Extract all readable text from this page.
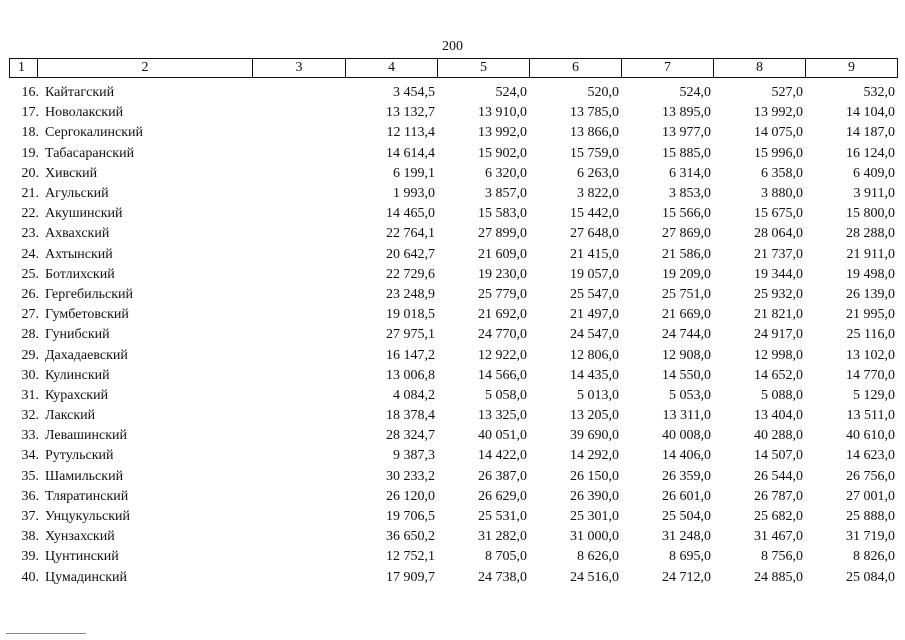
200
1	2	3	4	5	6	7	8	9
16.	Кайтагский		3 454,5	524,0	520,0	524,0	527,0	532,0
17.	Новолакский		13 132,7	13 910,0	13 785,0	13 895,0	13 992,0	14 104,0
18.	Сергокалинский		12 113,4	13 992,0	13 866,0	13 977,0	14 075,0	14 187,0
19.	Табасаранский		14 614,4	15 902,0	15 759,0	15 885,0	15 996,0	16 124,0
20.	Хивский		6 199,1	6 320,0	6 263,0	6 314,0	6 358,0	6 409,0
21.	Агульский		1 993,0	3 857,0	3 822,0	3 853,0	3 880,0	3 911,0
22.	Акушинский		14 465,0	15 583,0	15 442,0	15 566,0	15 675,0	15 800,0
23.	Ахвахский		22 764,1	27 899,0	27 648,0	27 869,0	28 064,0	28 288,0
24.	Ахтынский		20 642,7	21 609,0	21 415,0	21 586,0	21 737,0	21 911,0
25.	Ботлихский		22 729,6	19 230,0	19 057,0	19 209,0	19 344,0	19 498,0
26.	Гергебильский		23 248,9	25 779,0	25 547,0	25 751,0	25 932,0	26 139,0
27.	Гумбетовский		19 018,5	21 692,0	21 497,0	21 669,0	21 821,0	21 995,0
28.	Гунибский		27 975,1	24 770,0	24 547,0	24 744,0	24 917,0	25 116,0
29.	Дахадаевский		16 147,2	12 922,0	12 806,0	12 908,0	12 998,0	13 102,0
30.	Кулинский		13 006,8	14 566,0	14 435,0	14 550,0	14 652,0	14 770,0
31.	Курахский		4 084,2	5 058,0	5 013,0	5 053,0	5 088,0	5 129,0
32.	Лакский		18 378,4	13 325,0	13 205,0	13 311,0	13 404,0	13 511,0
33.	Левашинский		28 324,7	40 051,0	39 690,0	40 008,0	40 288,0	40 610,0
34.	Рутульский		9 387,3	14 422,0	14 292,0	14 406,0	14 507,0	14 623,0
35.	Шамильский		30 233,2	26 387,0	26 150,0	26 359,0	26 544,0	26 756,0
36.	Тляратинский		26 120,0	26 629,0	26 390,0	26 601,0	26 787,0	27 001,0
37.	Унцукульский		19 706,5	25 531,0	25 301,0	25 504,0	25 682,0	25 888,0
38.	Хунзахский		36 650,2	31 282,0	31 000,0	31 248,0	31 467,0	31 719,0
39.	Цунтинский		12 752,1	8 705,0	8 626,0	8 695,0	8 756,0	8 826,0
40.	Цумадинский		17 909,7	24 738,0	24 516,0	24 712,0	24 885,0	25 084,0
